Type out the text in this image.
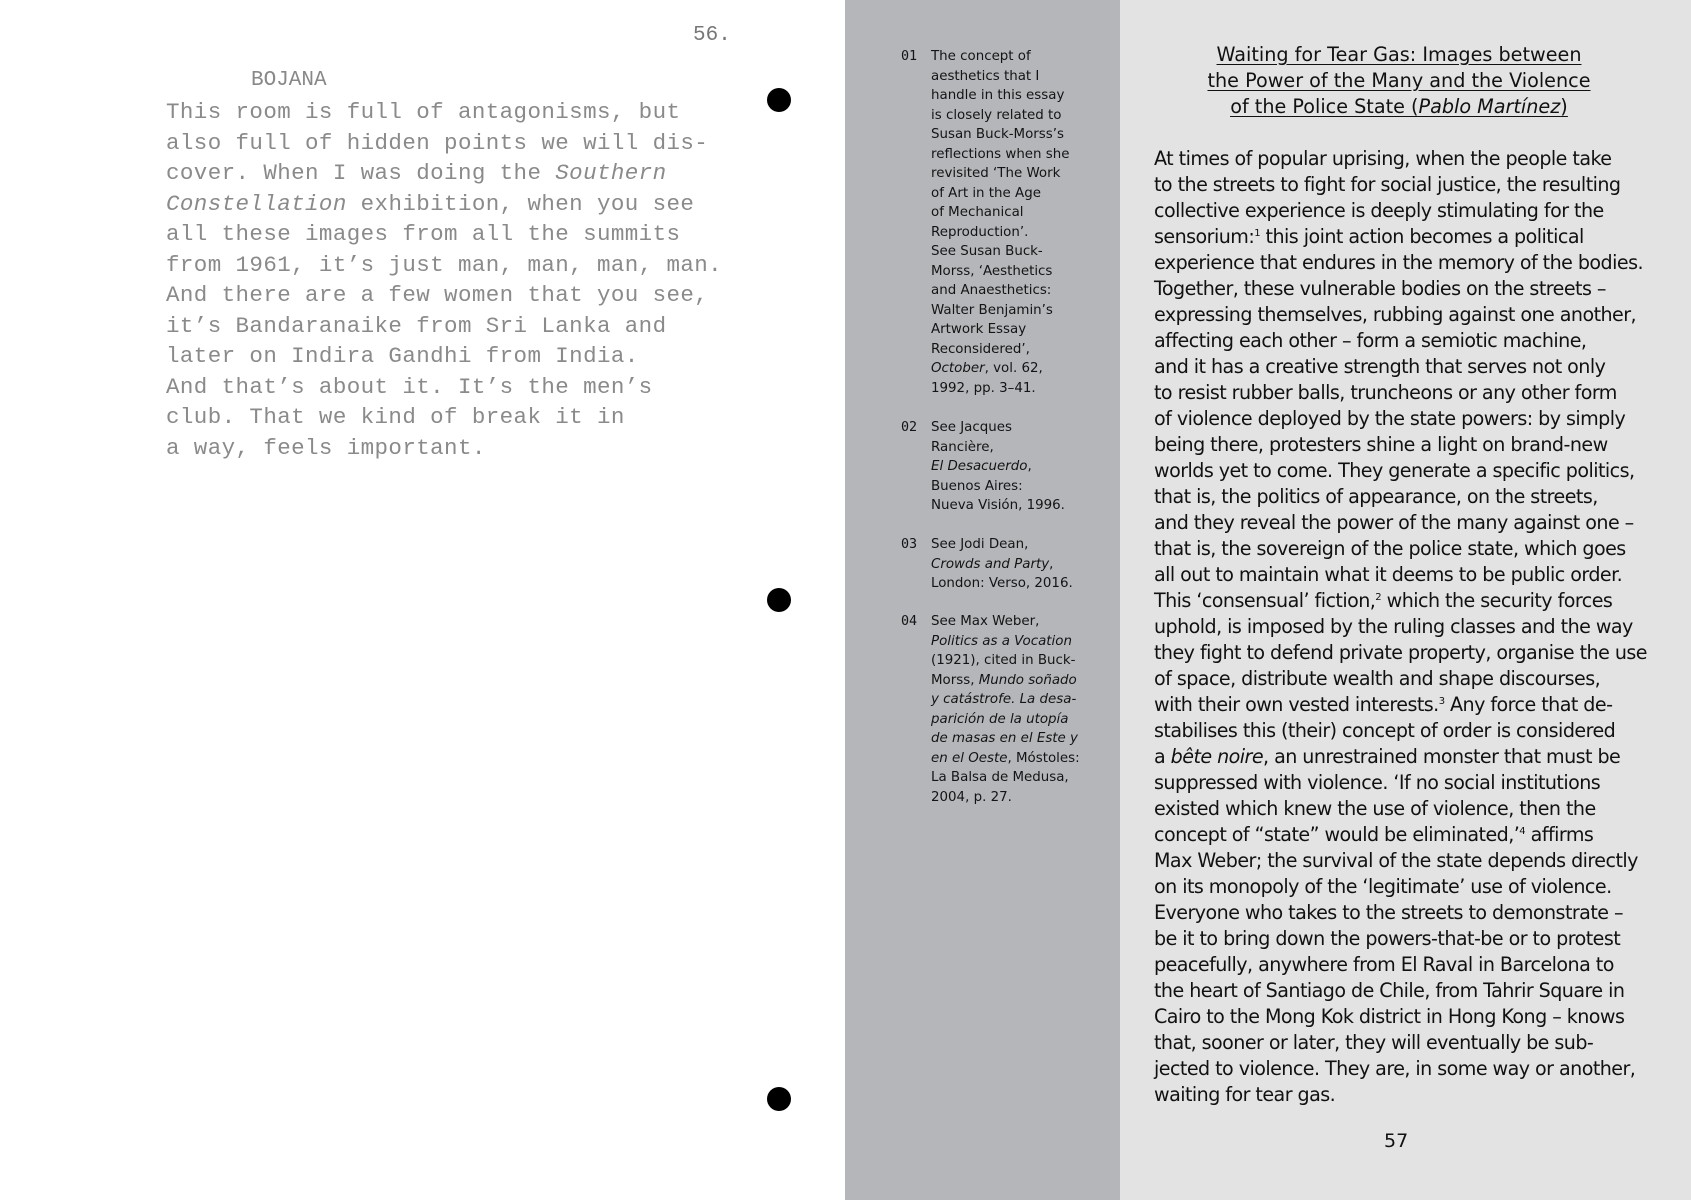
56.
BOJANA
This room is full of antagonisms, but
also full of hidden points we will dis-
cover. When I was doing the Southern
Constellation exhibition, when you see
all these images from all the summits
from 1961, it’s just man, man, man, man.
And there are a few women that you see,
it’s Bandaranaike from Sri Lanka and
later on Indira Gandhi from India.
And that’s about it. It’s the men’s
club. That we kind of break it in
a way, feels important.
01 The concept of
aesthetics that I
handle in this essay
is closely related to
Susan Buck-Morss’s
reflections when she
revisited ‘The Work
of Art in the Age
of Mechanical
Reproduction’.
See Susan Buck-
Morss, ‘Aesthetics
and Anaesthetics:
Walter Benjamin’s
Artwork Essay
Reconsidered’,
October, vol. 62,
1992, pp. 3–41.
02 See Jacques
Rancière,
El Desacuerdo,
Buenos Aires:
Nueva Visión, 1996.
03 See Jodi Dean,
Crowds and Party,
London: Verso, 2016.
04 See Max Weber,
Politics as a Vocation
(1921), cited in Buck-
Morss, Mundo soñado
y catástrofe. La desa-
parición de la utopía
de masas en el Este y
en el Oeste, Móstoles:
La Balsa de Medusa,
2004, p. 27.
Waiting for Tear Gas: Images between
the Power of the Many and the Violence
of the Police State (Pablo Martínez)
At times of popular uprising, when the people take
to the streets to fight for social justice, the resulting
collective experience is deeply stimulating for the
sensorium:$^1$ this joint action becomes a political
experience that endures in the memory of the bodies.
Together, these vulnerable bodies on the streets –
expressing themselves, rubbing against one another,
affecting each other – form a semiotic machine,
and it has a creative strength that serves not only
to resist rubber balls, truncheons or any other form
of violence deployed by the state powers: by simply
being there, protesters shine a light on brand-new
worlds yet to come. They generate a specific politics,
that is, the politics of appearance, on the streets,
and they reveal the power of the many against one –
that is, the sovereign of the police state, which goes
all out to maintain what it deems to be public order.
This ‘consensual’ fiction,$^2$ which the security forces
uphold, is imposed by the ruling classes and the way
they fight to defend private property, organise the use
of space, distribute wealth and shape discourses,
with their own vested interests.$^3$ Any force that de-
stabilises this (their) concept of order is considered
a bête noire, an unrestrained monster that must be
suppressed with violence. ‘If no social institutions
existed which knew the use of violence, then the
concept of “state” would be eliminated,’$^4$ affirms
Max Weber; the survival of the state depends directly
on its monopoly of the ‘legitimate’ use of violence.
Everyone who takes to the streets to demonstrate –
be it to bring down the powers-that-be or to protest
peacefully, anywhere from El Raval in Barcelona to
the heart of Santiago de Chile, from Tahrir Square in
Cairo to the Mong Kok district in Hong Kong – knows
that, sooner or later, they will eventually be sub-
jected to violence. They are, in some way or another,
waiting for tear gas.
57
